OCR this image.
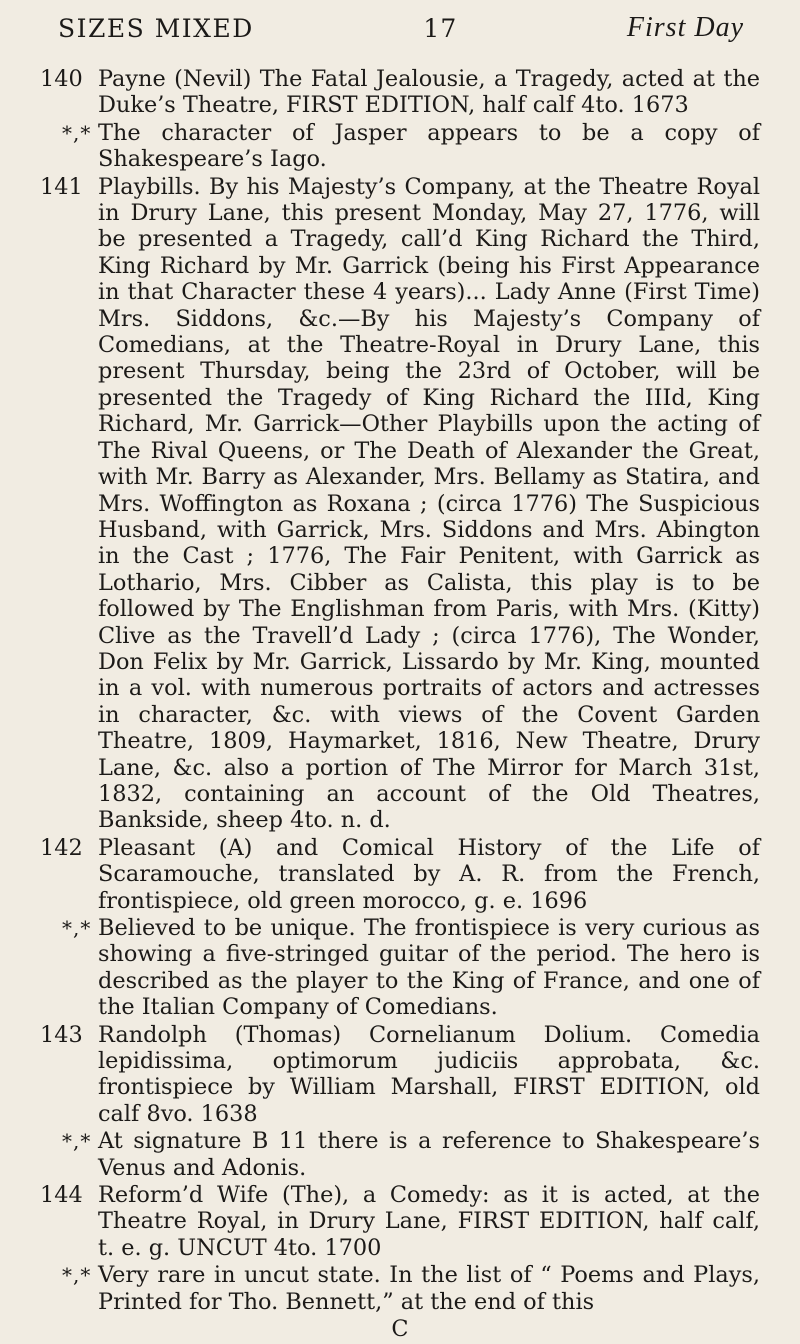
SIZES MIXED	17	First Day

140 Payne (Nevil) The Fatal Jealousie, a Tragedy, acted at the Duke’s Theatre, FIRST EDITION, half calf 4to. 1673

*,* The character of Jasper appears to be a copy of Shakespeare’s Iago.

141 Playbills. By his Majesty’s Company, at the Theatre Royal in Drury Lane, this present Monday, May 27, 1776, will be presented a Tragedy, call’d King Richard the Third, King Richard by Mr. Garrick (being his First Appearance in that Character these 4 years)... Lady Anne (First Time) Mrs. Siddons, &c.—By his Majesty’s Company of Comedians, at the Theatre-Royal in Drury Lane, this present Thursday, being the 23rd of October, will be presented the Tragedy of King Richard the IIId, King Richard, Mr. Garrick—Other Playbills upon the acting of The Rival Queens, or The Death of Alexander the Great, with Mr. Barry as Alexander, Mrs. Bellamy as Statira, and Mrs. Woffington as Roxana ; (circa 1776) The Suspicious Husband, with Garrick, Mrs. Siddons and Mrs. Abington in the Cast ; 1776, The Fair Penitent, with Garrick as Lothario, Mrs. Cibber as Calista, this play is to be followed by The Englishman from Paris, with Mrs. (Kitty) Clive as the Travell’d Lady ; (circa 1776), The Wonder, Don Felix by Mr. Garrick, Lissardo by Mr. King, mounted in a vol. with numerous portraits of actors and actresses in character, &c. with views of the Covent Garden Theatre, 1809, Haymarket, 1816, New Theatre, Drury Lane, &c. also a portion of The Mirror for March 31st, 1832, containing an account of the Old Theatres, Bankside, sheep 4to. n. d.

142 Pleasant (A) and Comical History of the Life of Scaramouche, translated by A. R. from the French, frontispiece, old green morocco, g. e. 1696

*,* Believed to be unique. The frontispiece is very curious as showing a five-stringed guitar of the period. The hero is described as the player to the King of France, and one of the Italian Company of Comedians.

143 Randolph (Thomas) Cornelianum Dolium. Comedia lepidissima, optimorum judiciis approbata, &c. frontispiece by William Marshall, FIRST EDITION, old calf 8vo. 1638

*,* At signature B 11 there is a reference to Shakespeare’s Venus and Adonis.

144 Reform’d Wife (The), a Comedy: as it is acted, at the Theatre Royal, in Drury Lane, FIRST EDITION, half calf, t. e. g. UNCUT 4to. 1700

*,* Very rare in uncut state. In the list of “ Poems and Plays, Printed for Tho. Bennett,” at the end of this

C
